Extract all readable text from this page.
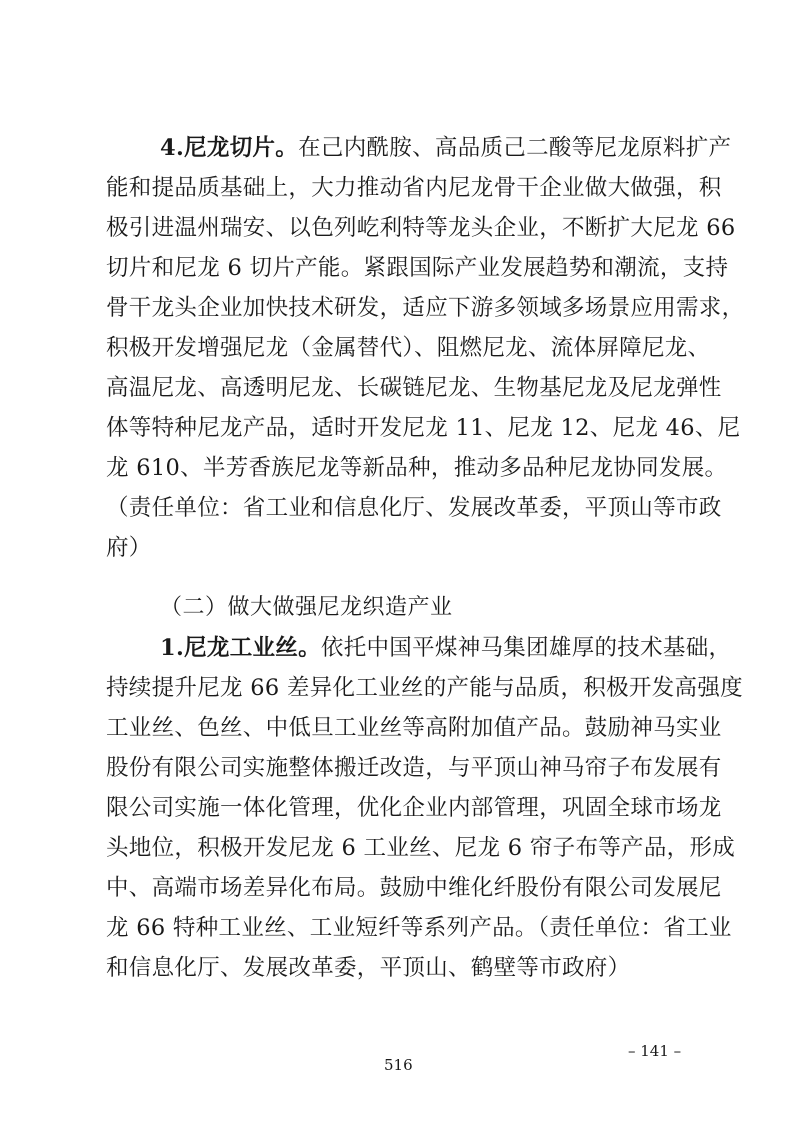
4.尼龙切片。在己内酰胺、高品质己二酸等尼龙原料扩产
能和提品质基础上，大力推动省内尼龙骨干企业做大做强，积
极引进温州瑞安、以色列屹利特等龙头企业，不断扩大尼龙 66
切片和尼龙 6 切片产能。紧跟国际产业发展趋势和潮流，支持
骨干龙头企业加快技术研发，适应下游多领域多场景应用需求，
积极开发增强尼龙（金属替代）、阻燃尼龙、流体屏障尼龙、
高温尼龙、高透明尼龙、长碳链尼龙、生物基尼龙及尼龙弹性
体等特种尼龙产品，适时开发尼龙 11、尼龙 12、尼龙 46、尼
龙 610、半芳香族尼龙等新品种，推动多品种尼龙协同发展。
（责任单位：省工业和信息化厅、发展改革委，平顶山等市政
府）
（二）做大做强尼龙织造产业
1.尼龙工业丝。依托中国平煤神马集团雄厚的技术基础，
持续提升尼龙 66 差异化工业丝的产能与品质，积极开发高强度
工业丝、色丝、中低旦工业丝等高附加值产品。鼓励神马实业
股份有限公司实施整体搬迁改造，与平顶山神马帘子布发展有
限公司实施一体化管理，优化企业内部管理，巩固全球市场龙
头地位，积极开发尼龙 6 工业丝、尼龙 6 帘子布等产品，形成
中、高端市场差异化布局。鼓励中维化纤股份有限公司发展尼
龙 66 特种工业丝、工业短纤等系列产品。（责任单位：省工业
和信息化厅、发展改革委，平顶山、鹤壁等市政府）
– 141 –
516
